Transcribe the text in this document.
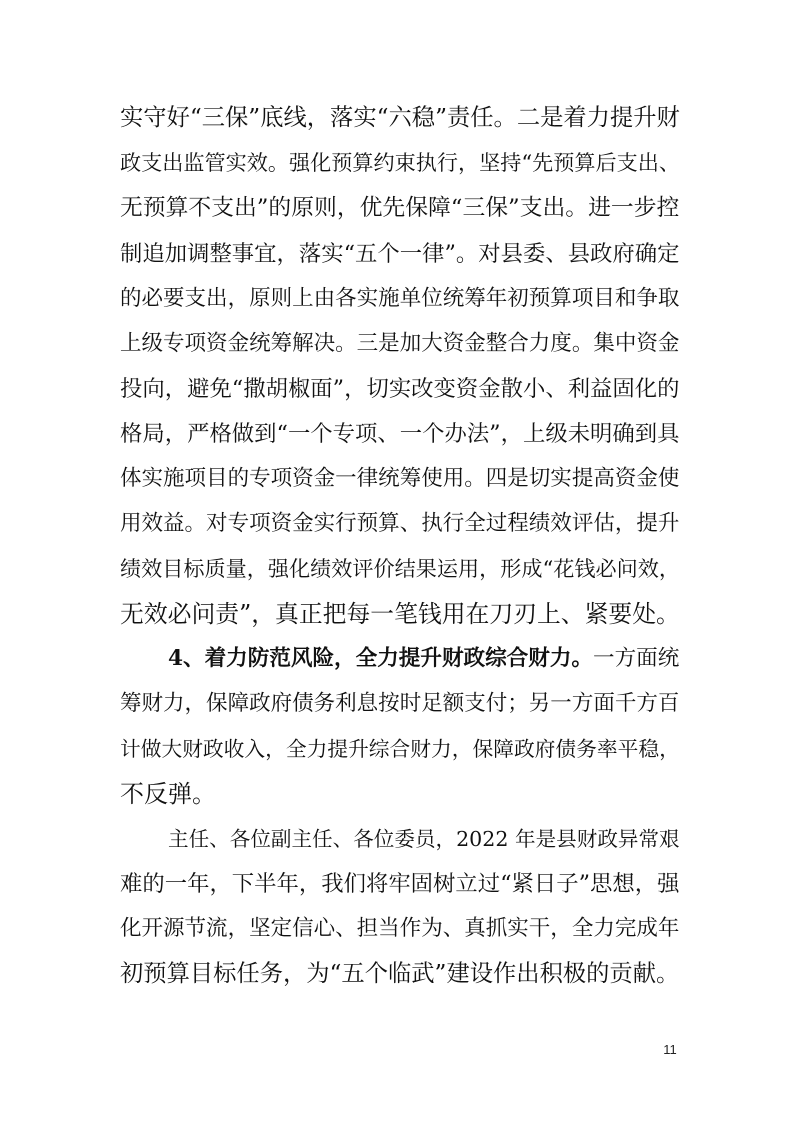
实守好“三保”底线，落实“六稳”责任。二是着力提升财

政支出监管实效。强化预算约束执行，坚持“先预算后支出、

无预算不支出”的原则，优先保障“三保”支出。进一步控

制追加调整事宜，落实“五个一律”。对县委、县政府确定

的必要支出，原则上由各实施单位统筹年初预算项目和争取

上级专项资金统筹解决。三是加大资金整合力度。集中资金

投向，避免“撒胡椒面”，切实改变资金散小、利益固化的

格局，严格做到“一个专项、一个办法”，上级未明确到具

体实施项目的专项资金一律统筹使用。四是切实提高资金使

用效益。对专项资金实行预算、执行全过程绩效评估，提升

绩效目标质量，强化绩效评价结果运用，形成“花钱必问效，

无效必问责”，真正把每一笔钱用在刀刃上、紧要处。

4、着力防范风险，全力提升财政综合财力。一方面统

筹财力，保障政府债务利息按时足额支付；另一方面千方百

计做大财政收入，全力提升综合财力，保障政府债务率平稳，

不反弹。

主任、各位副主任、各位委员，2022 年是县财政异常艰

难的一年，下半年，我们将牢固树立过“紧日子”思想，强

化开源节流，坚定信心、担当作为、真抓实干，全力完成年

初预算目标任务，为“五个临武”建设作出积极的贡献。

11
